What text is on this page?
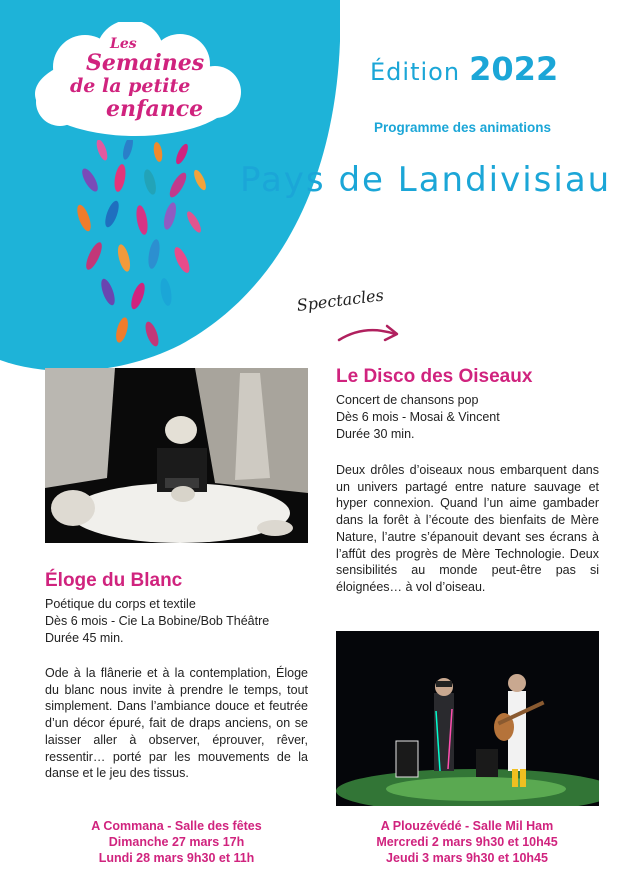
Les
Semaines
de la petite
enfance
Édition 2022
Programme des animations
Pays de Landivisiau
Spectacles
Le Disco des Oiseaux
Concert de chansons pop
Dès 6 mois - Mosai & Vincent
Durée 30 min.
Deux drôles d’oiseaux nous embarquent dans un univers partagé entre nature sauvage et hyper connexion. Quand l’un aime gambader dans la forêt à l’écoute des bienfaits de Mère Nature, l’autre s’épanouit devant ses écrans à l’affût des progrès de Mère Technologie. Deux sensibilités au monde peut-être pas si éloignées… à vol d’oiseau.
Éloge du Blanc
Poétique du corps et textile
Dès 6 mois - Cie La Bobine/Bob Théâtre
Durée 45 min.
Ode à la flânerie et à la contemplation, Éloge du blanc nous invite à prendre le temps, tout simplement. Dans l’ambiance douce et feutrée d’un décor épuré, fait de draps anciens, on se laisser aller à observer, éprouver, rêver, ressentir… porté par les mouvements de la danse et le jeu des tissus.
A Commana - Salle des fêtes
Dimanche 27 mars 17h
Lundi 28 mars 9h30 et 11h
A Plouzévédé - Salle Mil Ham
Mercredi 2 mars 9h30 et 10h45
Jeudi 3 mars 9h30 et 10h45
